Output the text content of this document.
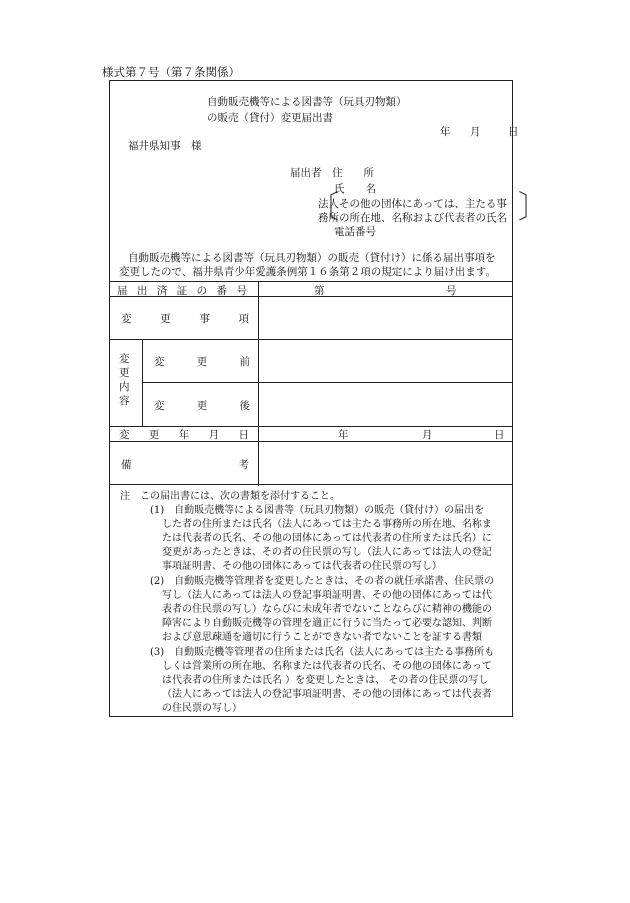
様式第７号（第７条関係）
自動販売機等による図書等（玩具刃物類）
の販売（貸付）変更届出書
年 月	日
福井県知事　様
届出者　住　　所
氏　　名
〔
法人その他の団体にあっては、主たる事
務所の所在地、名称および代表者の氏名 〕
電話番号
自動販売機等による図書等（玩具刃物類）の販売（貸付け）に係る届出事項を
変更したので、福井県青少年愛護条例第１６条第２項の規定により届け出ます。
届 出 済 証 の 番 号	第	号
変	更	事	項
変
更
内
容
変	更	前
変	更	後
変 更 年 月 日	年	月	日
備	考
注　この届出書には、次の書類を添付すること。
(1)　自動販売機等による図書等（玩具刃物類）の販売（貸付け）の届出を
した者の住所または氏名（法人にあっては主たる事務所の所在地、名称ま
たは代表者の氏名、その他の団体にあっては代表者の住所または氏名）に
変更があったときは、その者の住民票の写し（法人にあっては法人の登記
事項証明書、その他の団体にあっては代表者の住民票の写し）
(2)　自動販売機等管理者を変更したときは、その者の就任承諾書、住民票の
写し（法人にあっては法人の登記事項証明書、その他の団体にあっては代
表者の住民票の写し）ならびに未成年者でないことならびに精神の機能の
障害により自動販売機等の管理を適正に行うに当たって必要な認知、判断
および意思疎通を適切に行うことができない者でないことを証する書類
(3)　自動販売機等管理者の住所または氏名（法人にあっては主たる事務所も
しくは営業所の所在地、名称または代表者の氏名、その他の団体にあって
は代表者の住所または氏名 ）を変更したときは、 その者の住民票の写し
（法人にあっては法人の登記事項証明書、その他の団体にあっては代表者
の住民票の写し）
